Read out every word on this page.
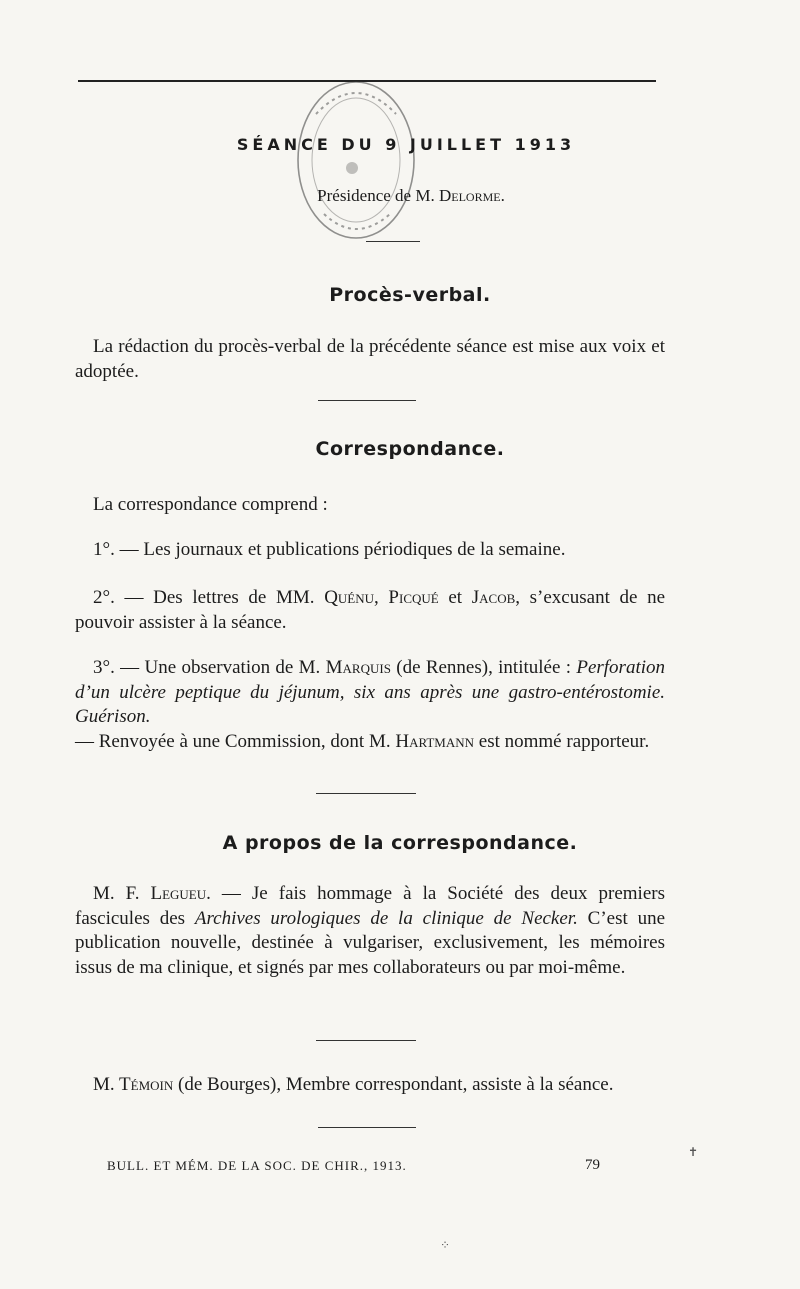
SÉANCE DU 9 JUILLET 1913
Présidence de M. Delorme.
Procès-verbal.
La rédaction du procès-verbal de la précédente séance est mise aux voix et adoptée.
Correspondance.
La correspondance comprend :
1°. — Les journaux et publications périodiques de la semaine.
2°. — Des lettres de MM. Quénu, Picqué et Jacob, s’excusant de ne pouvoir assister à la séance.
3°. — Une observation de M. Marquis (de Rennes), intitulée : Perforation d’un ulcère peptique du jéjunum, six ans après une gastro-entérostomie. Guérison.
— Renvoyée à une Commission, dont M. Hartmann est nommé rapporteur.
A propos de la correspondance.
M. F. Legueu. — Je fais hommage à la Société des deux premiers fascicules des Archives urologiques de la clinique de Necker. C’est une publication nouvelle, destinée à vulgariser, exclusivement, les mémoires issus de ma clinique, et signés par mes collaborateurs ou par moi-même.
M. Témoin (de Bourges), Membre correspondant, assiste à la séance.
BULL. ET MÉM. DE LA SOC. DE CHIR., 1913.	79
✝
⁘
